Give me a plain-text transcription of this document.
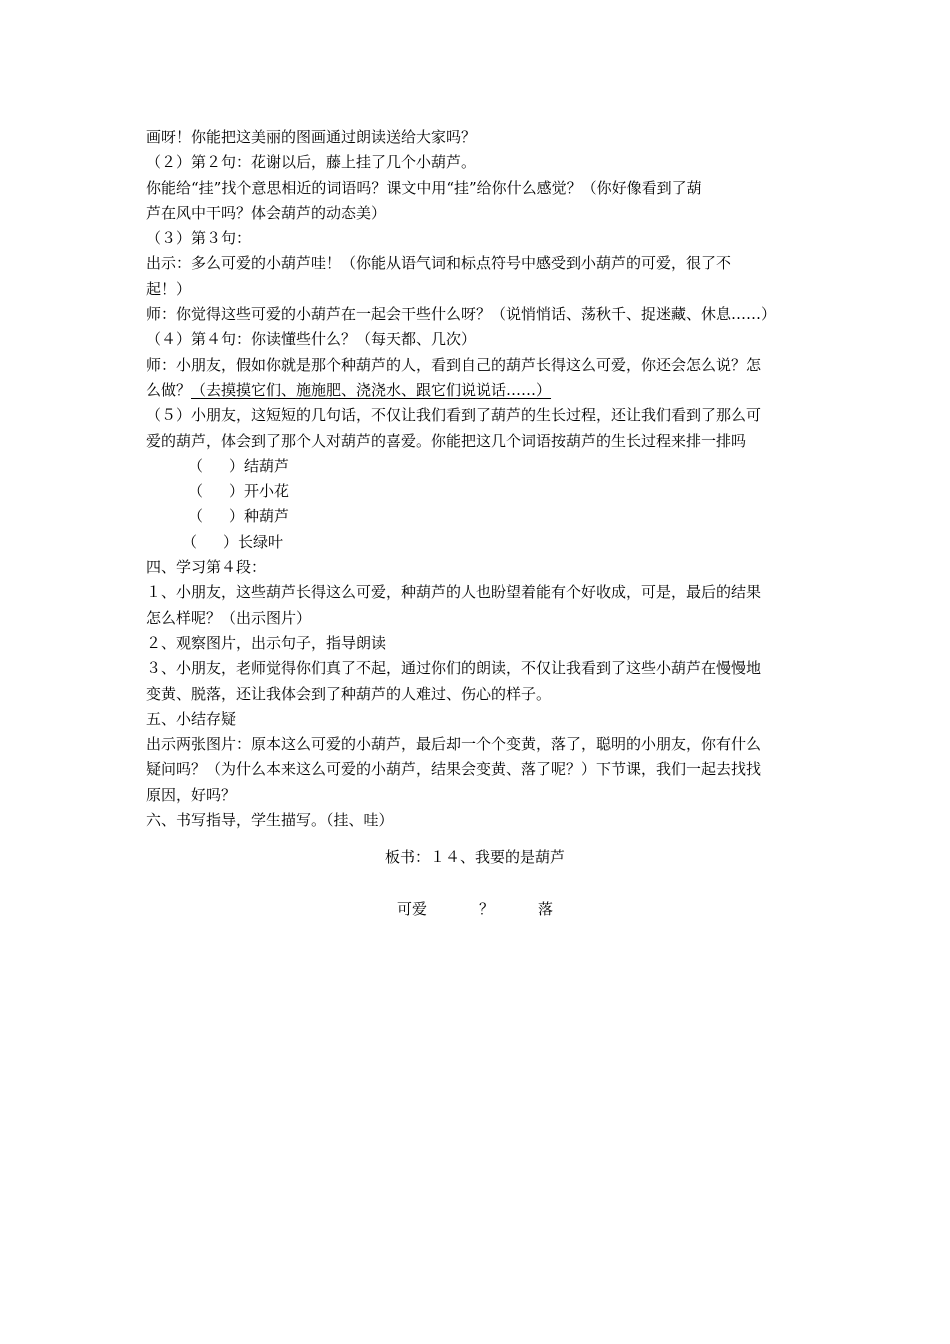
画呀！你能把这美丽的图画通过朗读送给大家吗？
（２）第２句：花谢以后，藤上挂了几个小葫芦。
你能给“挂”找个意思相近的词语吗？课文中用“挂”给你什么感觉？（你好像看到了葫
芦在风中干吗？体会葫芦的动态美）
（３）第３句：
出示：多么可爱的小葫芦哇！（你能从语气词和标点符号中感受到小葫芦的可爱，很了不
起！）
师：你觉得这些可爱的小葫芦在一起会干些什么呀？（说悄悄话、荡秋千、捉迷藏、休息……）
（４）第４句：你读懂些什么？（每天都、几次）
师：小朋友，假如你就是那个种葫芦的人，看到自己的葫芦长得这么可爱，你还会怎么说？怎
么做？（去摸摸它们、施施肥、浇浇水、跟它们说说话……）
（５）小朋友，这短短的几句话，不仅让我们看到了葫芦的生长过程，还让我们看到了那么可
爱的葫芦，体会到了那个人对葫芦的喜爱。你能把这几个词语按葫芦的生长过程来排一排吗
（ ）结葫芦
（ ）开小花
（ ）种葫芦
（ ）长绿叶
四、学习第４段：
１、小朋友，这些葫芦长得这么可爱，种葫芦的人也盼望着能有个好收成，可是，最后的结果
怎么样呢？（出示图片）
２、观察图片，出示句子，指导朗读
３、小朋友，老师觉得你们真了不起，通过你们的朗读，不仅让我看到了这些小葫芦在慢慢地
变黄、脱落，还让我体会到了种葫芦的人难过、伤心的样子。
五、小结存疑
出示两张图片：原本这么可爱的小葫芦，最后却一个个变黄，落了，聪明的小朋友，你有什么
疑问吗？（为什么本来这么可爱的小葫芦，结果会变黄、落了呢？）下节课，我们一起去找找
原因，好吗？
六、书写指导，学生描写。（挂、哇）
板书：１４、我要的是葫芦
可爱	？	落
